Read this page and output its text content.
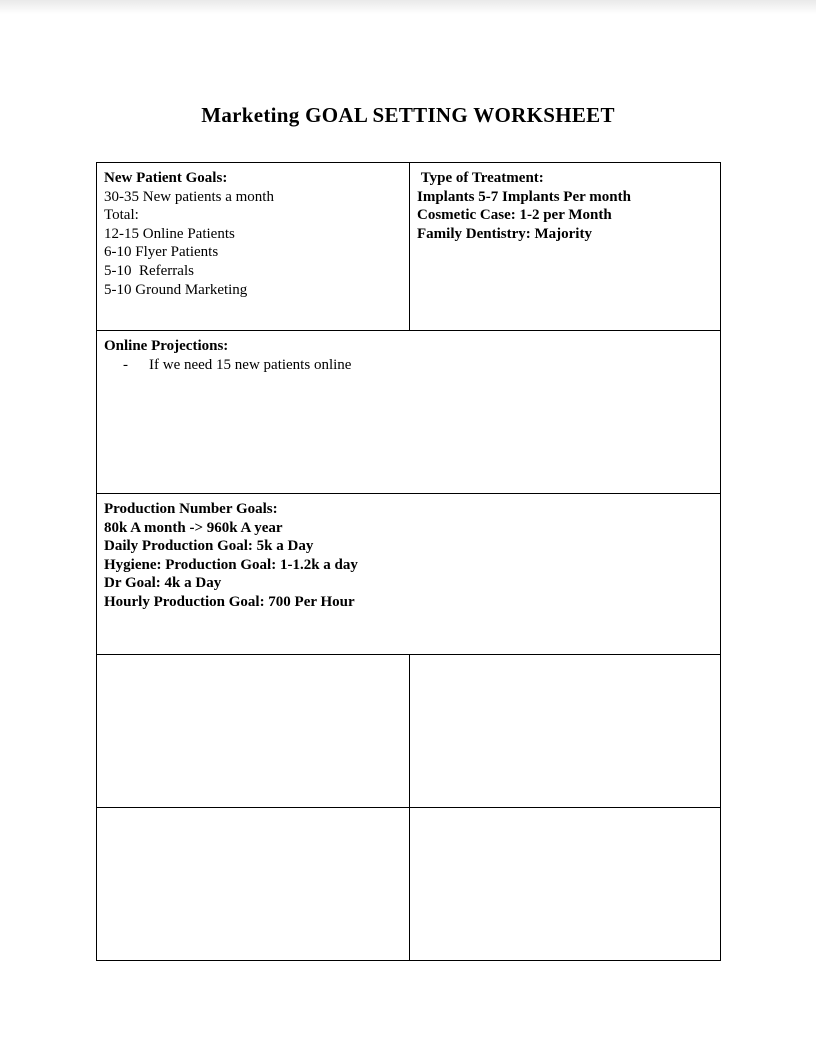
Marketing GOAL SETTING WORKSHEET
New Patient Goals:
30-35 New patients a month
Total:
12-15 Online Patients
6-10 Flyer Patients
5-10  Referrals
5-10 Ground Marketing

Type of Treatment:
Implants 5-7 Implants Per month
Cosmetic Case: 1-2 per Month
Family Dentistry: Majority

Online Projections:
- If we need 15 new patients online	

Production Number Goals:
80k A month -> 960k A year
Daily Production Goal: 5k a Day
Hygiene: Production Goal: 1-1.2k a day
Dr Goal: 4k a Day
Hourly Production Goal: 700 Per Hour
